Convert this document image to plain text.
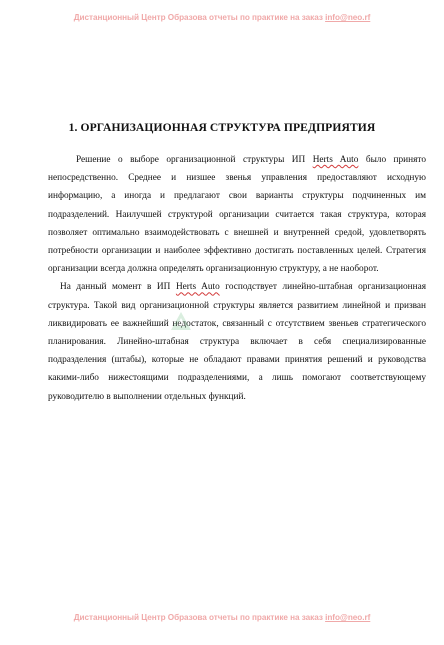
Дистанционный Центр Образова отчеты по практике на заказ info@neo.rf
1. ОРГАНИЗАЦИОННАЯ СТРУКТУРА ПРЕДПРИЯТИЯ

Решение о выборе организационной структуры ИП Herts Auto было принято непосредственно. Среднее и низшее звенья управления предоставляют исходную информацию, а иногда и предлагают свои варианты структуры подчиненных им подразделений. Наилучшей структурой организации считается такая структура, которая позволяет оптимально взаимодействовать с внешней и внутренней средой, удовлетворять потребности организации и наиболее эффективно достигать поставленных целей. Стратегия организации всегда должна определять организационную структуру, а не наоборот.

На данный момент в ИП Herts Auto господствует линейно-штабная организационная структура. Такой вид организационной структуры является развитием линейной и призван ликвидировать ее важнейший недостаток, связанный с отсутствием звеньев стратегического планирования. Линейно-штабная структура включает в себя специализированные подразделения (штабы), которые не обладают правами принятия решений и руководства какими-либо нижестоящими подразделениями, а лишь помогают соответствующему руководителю в выполнении отдельных функций.

Дистанционный Центр Образова отчеты по практике на заказ info@neo.rf
